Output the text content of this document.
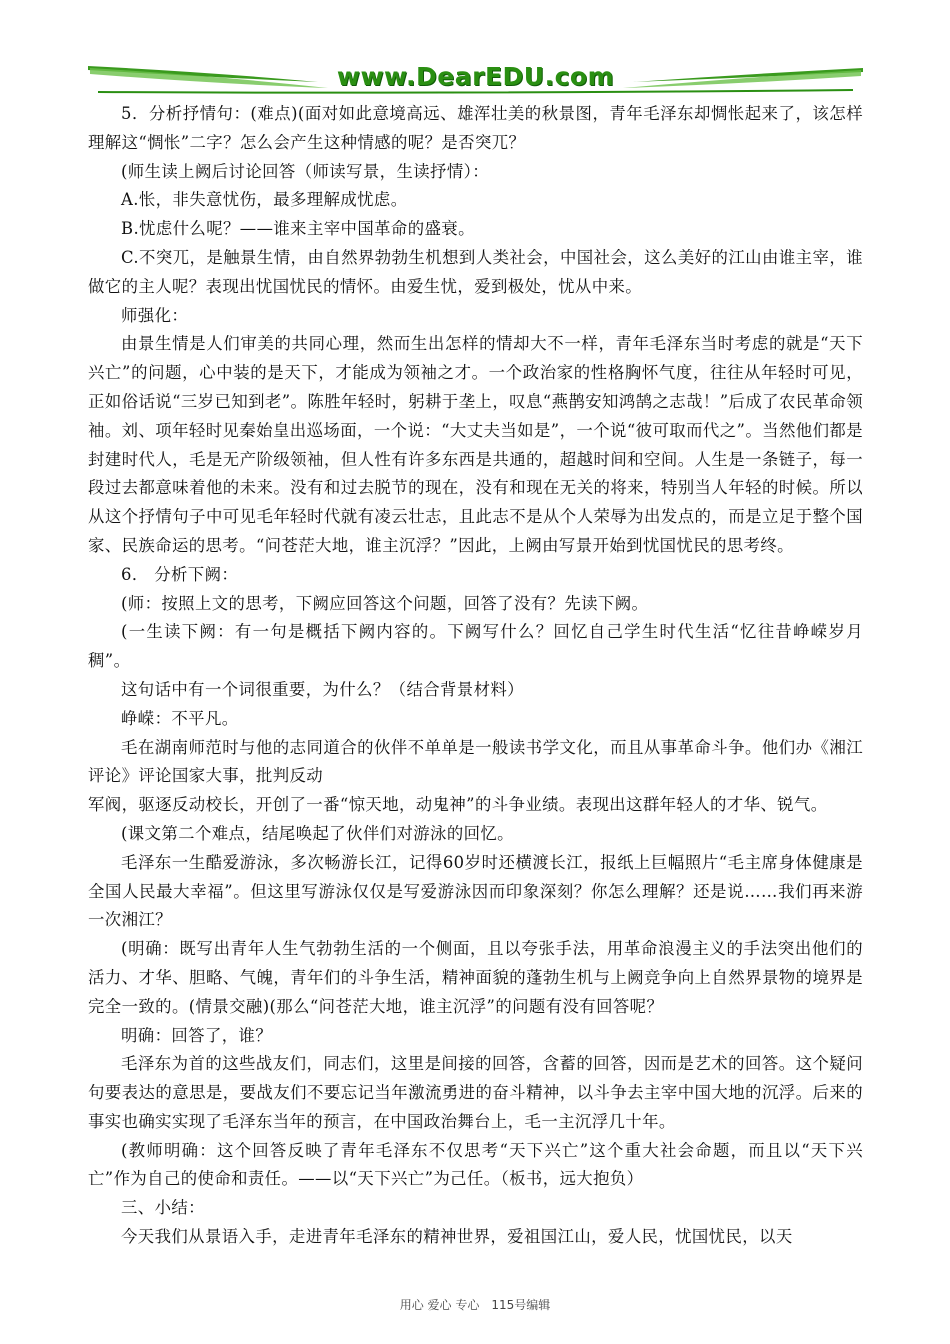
www.DearEDU.com

5．分析抒情句：(难点)(面对如此意境高远、雄浑壮美的秋景图，青年毛泽东却惆怅起来了，该怎样理解这“惆怅”二字？怎么会产生这种情感的呢？是否突兀？

(师生读上阙后讨论回答（师读写景，生读抒情）：

A.怅，非失意忧伤，最多理解成忧虑。

B.忧虑什么呢？——谁来主宰中国革命的盛衰。

C.不突兀，是触景生情，由自然界勃勃生机想到人类社会，中国社会，这么美好的江山由谁主宰，谁做它的主人呢？表现出忧国忧民的情怀。由爱生忧，爱到极处，忧从中来。

师强化：

由景生情是人们审美的共同心理，然而生出怎样的情却大不一样，青年毛泽东当时考虑的就是“天下兴亡”的问题，心中装的是天下，才能成为领袖之才。一个政治家的性格胸怀气度，往往从年轻时可见，正如俗话说“三岁已知到老”。陈胜年轻时，躬耕于垄上，叹息“燕鹊安知鸿鹄之志哉！”后成了农民革命领袖。刘、项年轻时见秦始皇出巡场面，一个说：“大丈夫当如是”，一个说“彼可取而代之”。当然他们都是封建时代人，毛是无产阶级领袖，但人性有许多东西是共通的，超越时间和空间。人生是一条链子，每一段过去都意味着他的未来。没有和过去脱节的现在，没有和现在无关的将来，特别当人年轻的时候。所以从这个抒情句子中可见毛年轻时代就有凌云壮志，且此志不是从个人荣辱为出发点的，而是立足于整个国家、民族命运的思考。“问苍茫大地，谁主沉浮？”因此，上阙由写景开始到忧国忧民的思考终。

6． 分析下阙：

(师：按照上文的思考，下阙应回答这个问题，回答了没有？先读下阙。

(一生读下阙：有一句是概括下阙内容的。下阙写什么？回忆自己学生时代生活“忆往昔峥嵘岁月稠”。

这句话中有一个词很重要，为什么？（结合背景材料）

峥嵘：不平凡。

毛在湖南师范时与他的志同道合的伙伴不单单是一般读书学文化，而且从事革命斗争。他们办《湘江评论》评论国家大事，批判反动

军阀，驱逐反动校长，开创了一番“惊天地，动鬼神”的斗争业绩。表现出这群年轻人的才华、锐气。

(课文第二个难点，结尾唤起了伙伴们对游泳的回忆。

毛泽东一生酷爱游泳，多次畅游长江，记得60岁时还横渡长江，报纸上巨幅照片“毛主席身体健康是全国人民最大幸福”。但这里写游泳仅仅是写爱游泳因而印象深刻？你怎么理解？还是说……我们再来游一次湘江？

(明确：既写出青年人生气勃勃生活的一个侧面，且以夸张手法，用革命浪漫主义的手法突出他们的活力、才华、胆略、气魄，青年们的斗争生活，精神面貌的蓬勃生机与上阙竞争向上自然界景物的境界是完全一致的。(情景交融)(那么“问苍茫大地，谁主沉浮”的问题有没有回答呢？

明确：回答了，谁？

毛泽东为首的这些战友们，同志们，这里是间接的回答，含蓄的回答，因而是艺术的回答。这个疑问句要表达的意思是，要战友们不要忘记当年激流勇进的奋斗精神，以斗争去主宰中国大地的沉浮。后来的事实也确实实现了毛泽东当年的预言，在中国政治舞台上，毛一主沉浮几十年。

(教师明确：这个回答反映了青年毛泽东不仅思考“天下兴亡”这个重大社会命题，而且以“天下兴亡”作为自己的使命和责任。——以“天下兴亡”为己任。（板书，远大抱负）

三、小结：

今天我们从景语入手，走进青年毛泽东的精神世界，爱祖国江山，爱人民，忧国忧民，以天

用心 爱心 专心　115号编辑
